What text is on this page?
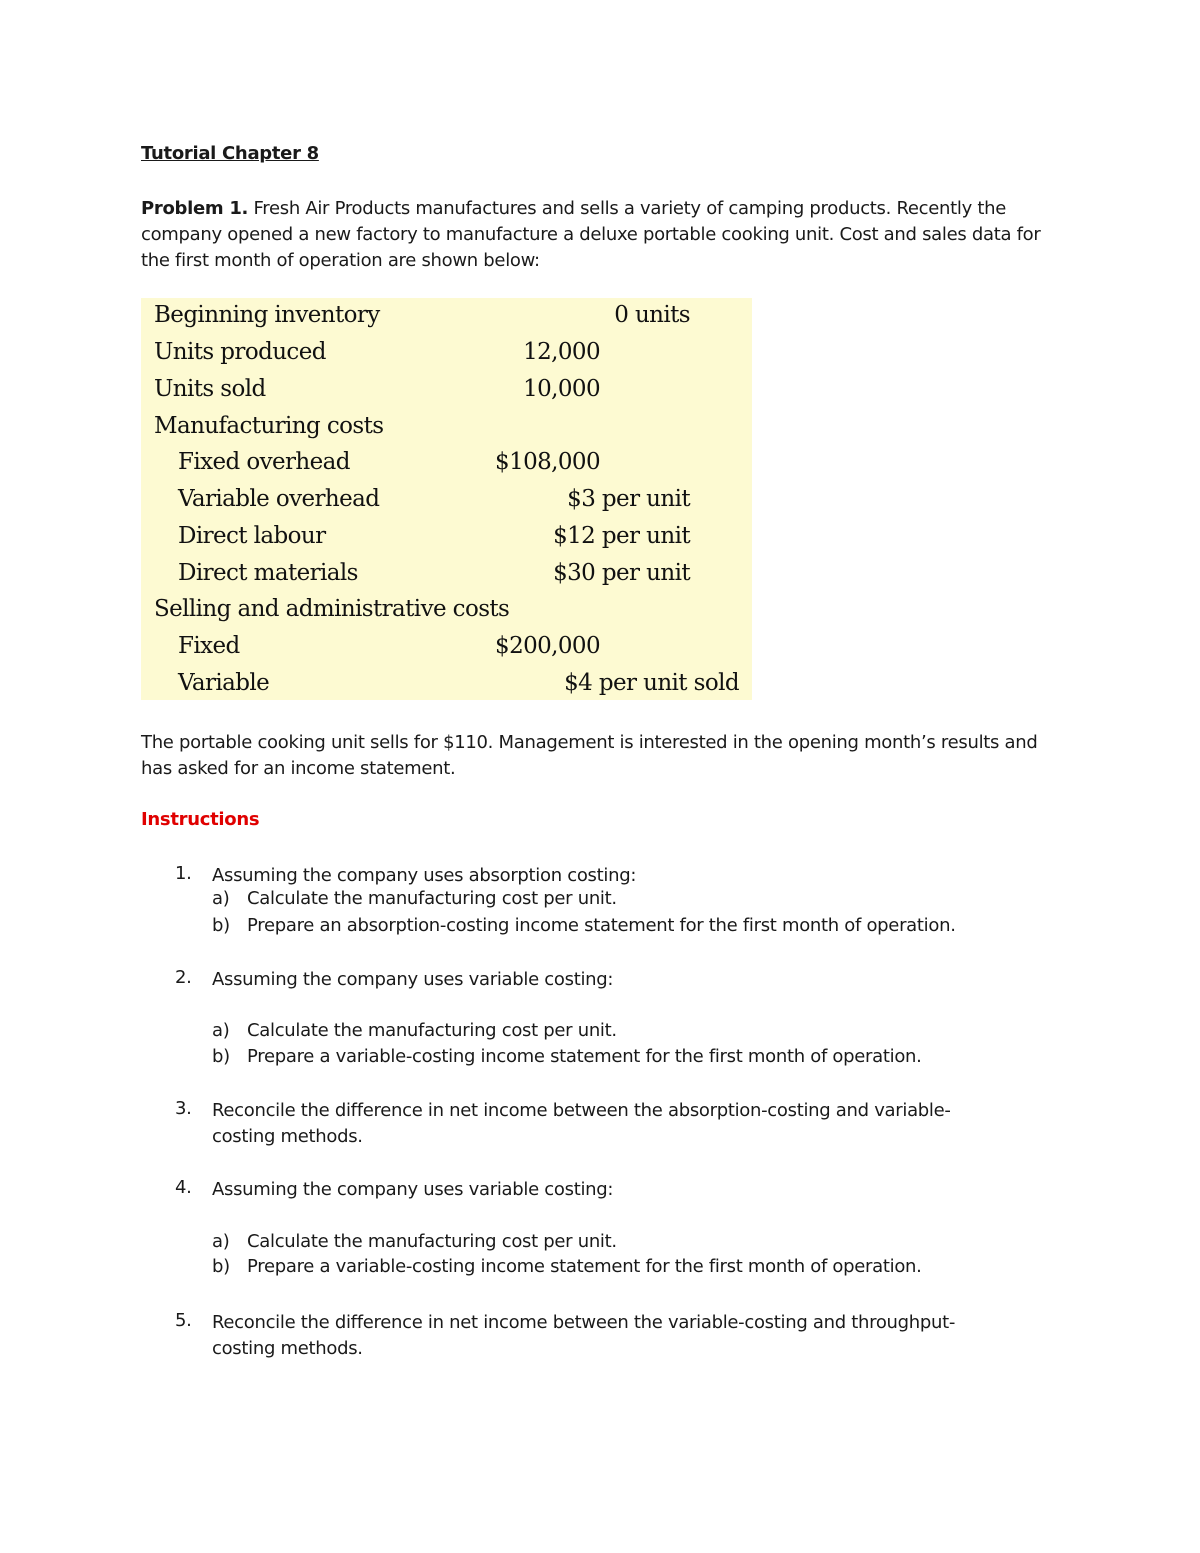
Tutorial Chapter 8
Problem 1. Fresh Air Products manufactures and sells a variety of camping products. Recently the company opened a new factory to manufacture a deluxe portable cooking unit. Cost and sales data for the first month of operation are shown below:
Beginning inventory	0 units
Units produced	12,000
Units sold	10,000
Manufacturing costs
Fixed overhead	$108,000
Variable overhead	$3 per unit
Direct labour	$12 per unit
Direct materials	$30 per unit
Selling and administrative costs
Fixed	$200,000
Variable	$4 per unit sold
The portable cooking unit sells for $110. Management is interested in the opening month’s results and has asked for an income statement.
Instructions
1.	Assuming the company uses absorption costing:
a) Calculate the manufacturing cost per unit.
b) Prepare an absorption-costing income statement for the first month of operation.
2.	Assuming the company uses variable costing:
a) Calculate the manufacturing cost per unit.
b) Prepare a variable-costing income statement for the first month of operation.
3.	Reconcile the difference in net income between the absorption-costing and variable-costing methods.
4.	Assuming the company uses variable costing:
a) Calculate the manufacturing cost per unit.
b) Prepare a variable-costing income statement for the first month of operation.
5.	Reconcile the difference in net income between the variable-costing and throughput-costing methods.
